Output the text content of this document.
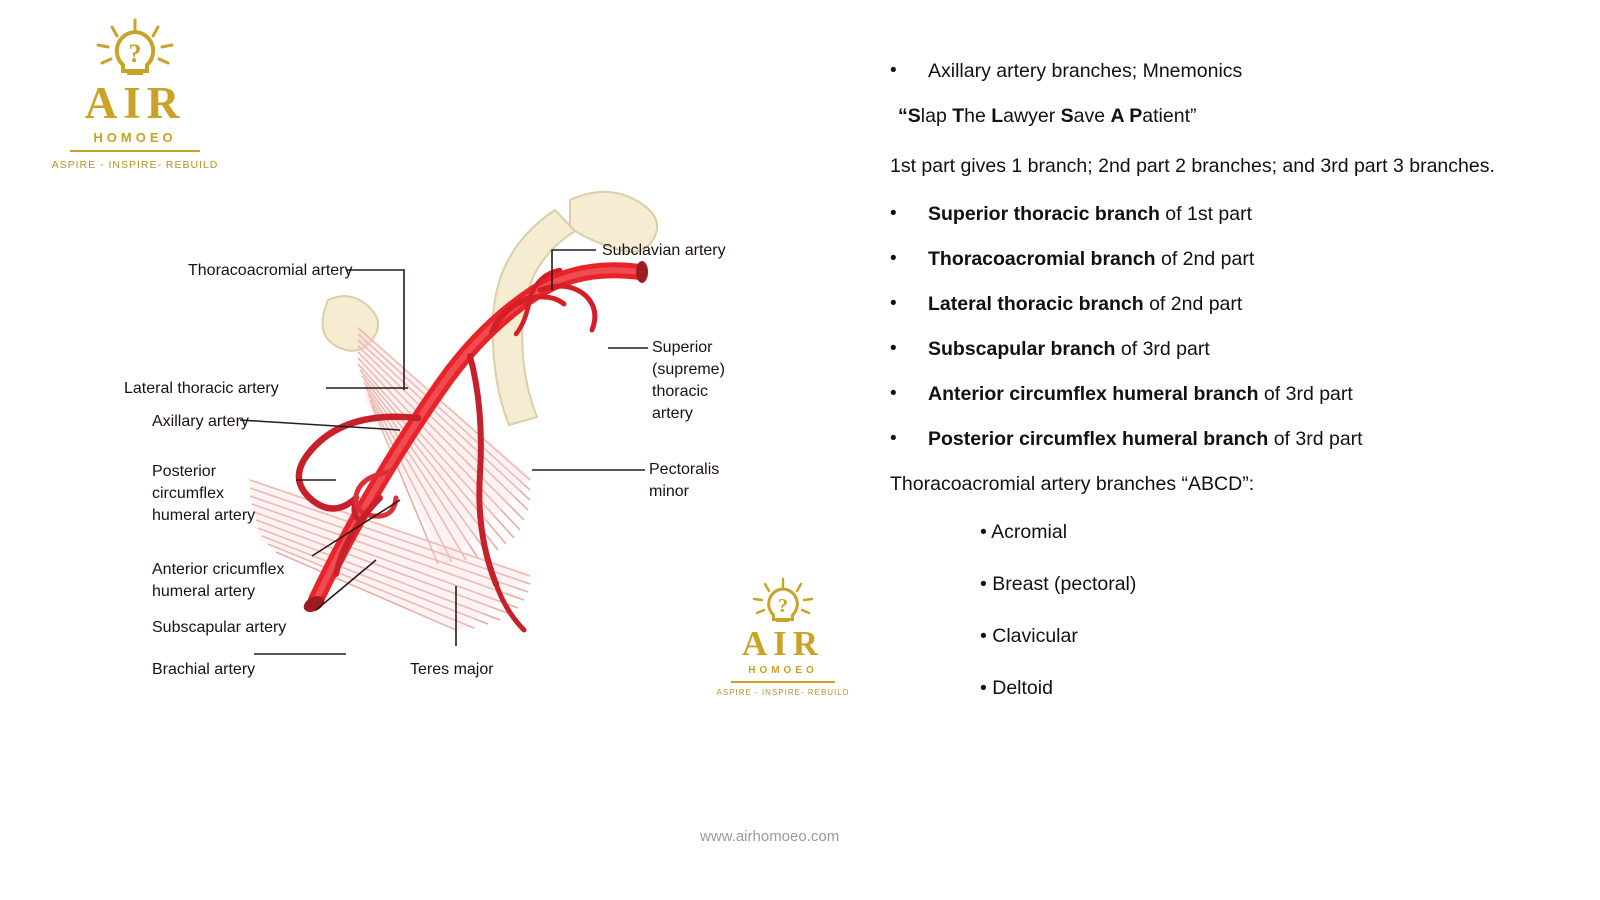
?
AIR
HOMOEO
ASPIRE - INSPIRE- REBUILD
?
AIR
HOMOEO
ASPIRE - INSPIRE- REBUILD
Thoracoacromial artery
Subclavian artery
Superior
(supreme)
thoracic
artery
Lateral thoracic artery
Axillary artery
Pectoralis
minor
Posterior
circumflex
humeral artery
Anterior cricumflex
humeral artery
Subscapular artery
Brachial artery	Teres major
• Axillary artery branches; Mnemonics
“Slap The Lawyer Save A Patient”
1st part gives 1 branch; 2nd part 2 branches; and 3rd part 3 branches.
• Superior thoracic branch of 1st part
• Thoracoacromial branch of 2nd part
• Lateral thoracic branch of 2nd part
• Subscapular branch of 3rd part
• Anterior circumflex humeral branch of 3rd part
• Posterior circumflex humeral branch of 3rd part
Thoracoacromial artery branches “ABCD”:
• Acromial
• Breast (pectoral)
• Clavicular
• Deltoid
www.airhomoeo.com
